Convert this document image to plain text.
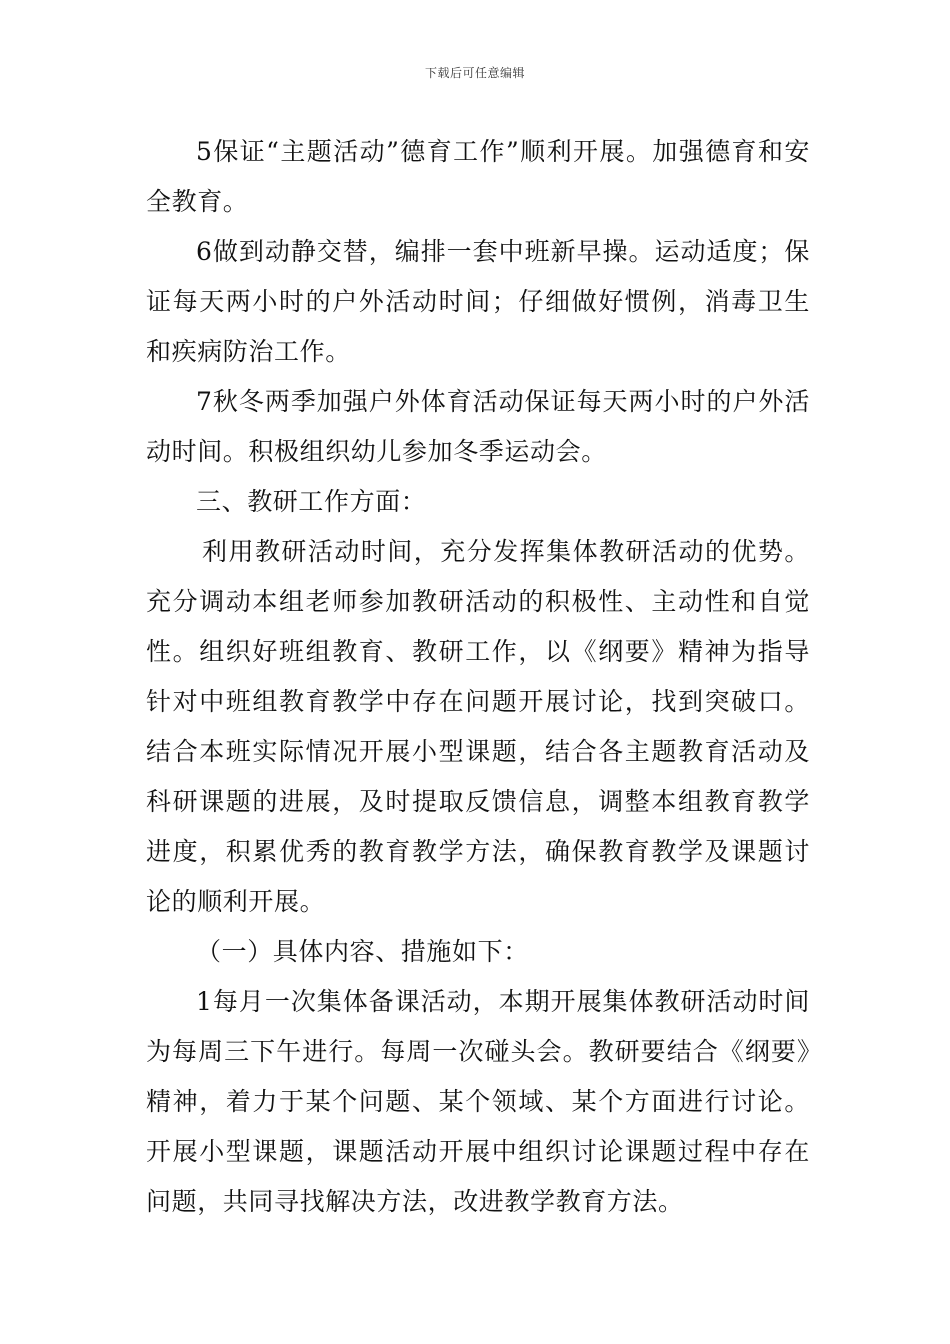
下载后可任意编辑

5保证“主题活动”德育工作”顺利开展。加强德育和安全教育。

6做到动静交替，编排一套中班新早操。运动适度；保证每天两小时的户外活动时间；仔细做好惯例，消毒卫生和疾病防治工作。

7秋冬两季加强户外体育活动保证每天两小时的户外活动时间。积极组织幼儿参加冬季运动会。

三、教研工作方面：

利用教研活动时间，充分发挥集体教研活动的优势。充分调动本组老师参加教研活动的积极性、主动性和自觉性。组织好班组教育、教研工作，以《纲要》精神为指导针对中班组教育教学中存在问题开展讨论，找到突破口。结合本班实际情况开展小型课题，结合各主题教育活动及科研课题的进展，及时提取反馈信息，调整本组教育教学进度，积累优秀的教育教学方法，确保教育教学及课题讨论的顺利开展。

（一）具体内容、措施如下：

1每月一次集体备课活动，本期开展集体教研活动时间为每周三下午进行。每周一次碰头会。教研要结合《纲要》精神，着力于某个问题、某个领域、某个方面进行讨论。开展小型课题，课题活动开展中组织讨论课题过程中存在问题，共同寻找解决方法，改进教学教育方法。
